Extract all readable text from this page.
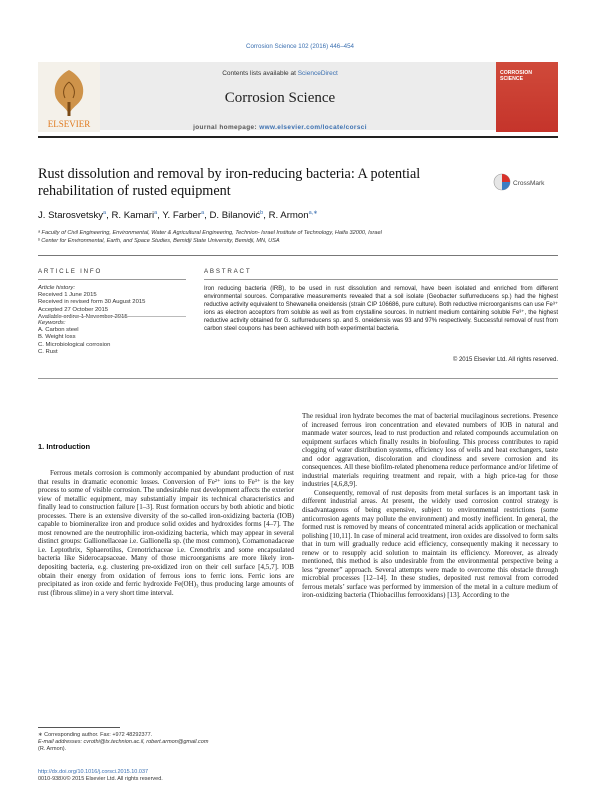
Corrosion Science 102 (2016) 446–454
ELSEVIER
Contents lists available at ScienceDirect
Corrosion Science
journal homepage: www.elsevier.com/locate/corsci
CORROSION
SCIENCE
Rust dissolution and removal by iron-reducing bacteria: A potential rehabilitation of rusted equipment	CrossMark
J. Starosvetsky$^a$, R. Kamari$^a$, Y. Farber$^a$, D. Bilanović$^b$, R. Armon$^{a,∗}$
ᵃ Faculty of Civil Engineering, Environmental, Water & Agricultural Engineering, Technion- Israel Institute of Technology, Haifa 32000, Israel
ᵇ Center for Environmental, Earth, and Space Studies, Bemidji State University, Bemidji, MN, USA
ARTICLE INFO	ABSTRACT
Article history:
Received 1 June 2015
Received in revised form 30 August 2015
Accepted 27 October 2015
Available online 1 November 2015
Keywords:
A. Carbon steel
B. Weight loss
C. Microbiological corrosion
C. Rust
Iron reducing bacteria (IRB), to be used in rust dissolution and removal, have been isolated and enriched from different environmental sources. Comparative measurements revealed that a soil isolate (Geobacter sulfurreducens sp.) had the highest reductive activity equivalent to Shewanella oneidensis (strain CIP 106686, pure culture). Both reductive microorganisms can use Fe³⁺ ions as electron acceptors from soluble as well as from crystalline sources. In nutrient medium containing soluble Fe³⁺, the highest reductive activity obtained for G. sulfurreducens sp. and S. oneidensis was 93 and 97% respectively. Successful removal of rust from carbon steel coupons has been achieved with both experimental bacteria.
© 2015 Elsevier Ltd. All rights reserved.
1. Introduction

Ferrous metals corrosion is commonly accompanied by abundant production of rust that results in dramatic economic losses. Conversion of Fe²⁺ ions to Fe³⁺ is the key process to some of visible corrosion. The undesirable rust development affects the exterior view of metallic equipment, may substantially impair its technical characteristics and finally lead to construction failure [1–3]. Rust formation occurs by both abiotic and biotic processes. There is an extensive diversity of the so-called iron-oxidizing bacteria (IOB) capable to biomineralize iron and produce solid oxides and hydroxides forms [4–7]. The most renowned are the neutrophilic iron-oxidizing bacteria, which may appear in several distinct groups: Gallionellaceae i.e. Gallionella sp. (the most common), Comamonadaceae i.e. Leptothrix, Sphaerotilus, Crenotrichaceae i.e. Crenothrix and some encapsulated bacteria like Siderocapsaceae. Many of those microorganisms are more likely iron-depositing bacteria, e.g. clustering pre-oxidized iron on their cell surface [4,5,7]. IOB obtain their energy from oxidation of ferrous ions to ferric ions. Ferric ions are precipitated as iron oxide and ferric hydroxide Fe(OH)₃ thus producing large amounts of rust (fibrous slime) in a very short time interval.

The residual iron hydrate becomes the mat of bacterial mucilaginous secretions. Presence of increased ferrous iron concentration and elevated numbers of IOB in natural and manmade water sources, lead to rust production and related compounds accumulation on equipment surfaces which finally results in biofouling. This process contributes to rapid clogging of water distribution systems, efficiency loss of wells and heat exchangers, taste and odor aggravation, discoloration and cloudiness and severe corrosion and its consequences. All these biofilm-related phenomena reduce performance and/or lifetime of industrial materials requiring treatment and repair, with a high price-tag for those industries [4,6,8,9].

Consequently, removal of rust deposits from metal surfaces is an important task in different industrial areas. At present, the widely used corrosion control strategy is disadvantageous of being expensive, subject to environmental restrictions (some anticorrosion agents may pollute the environment) and mostly inefficient. In general, the formed rust is removed by means of concentrated mineral acids application or mechanical polishing [10,11]. In case of mineral acid treatment, iron oxides are dissolved to form salts that in turn will gradually reduce acid efficiency, consequently making it necessary to renew or to resupply acid solution to maintain its efficiency. Moreover, as already mentioned, this method is also undesirable from the environmental perspective being a less “greener” approach. Several attempts were made to overcome this obstacle through microbial processes [12–14]. In these studies, deposited rust removal from corroded ferrous metals’ surface was performed by immersion of the metal in a culture medium of iron-oxidizing bacteria (Thiobacillus ferrooxidans) [13]. According to the

∗ Corresponding author. Fax: +972 48292377.
E-mail addresses: cvrothi@tx.technion.ac.il, robert.armon@gmail.com
(R. Armon).
http://dx.doi.org/10.1016/j.corsci.2015.10.037
0010-938X/© 2015 Elsevier Ltd. All rights reserved.
